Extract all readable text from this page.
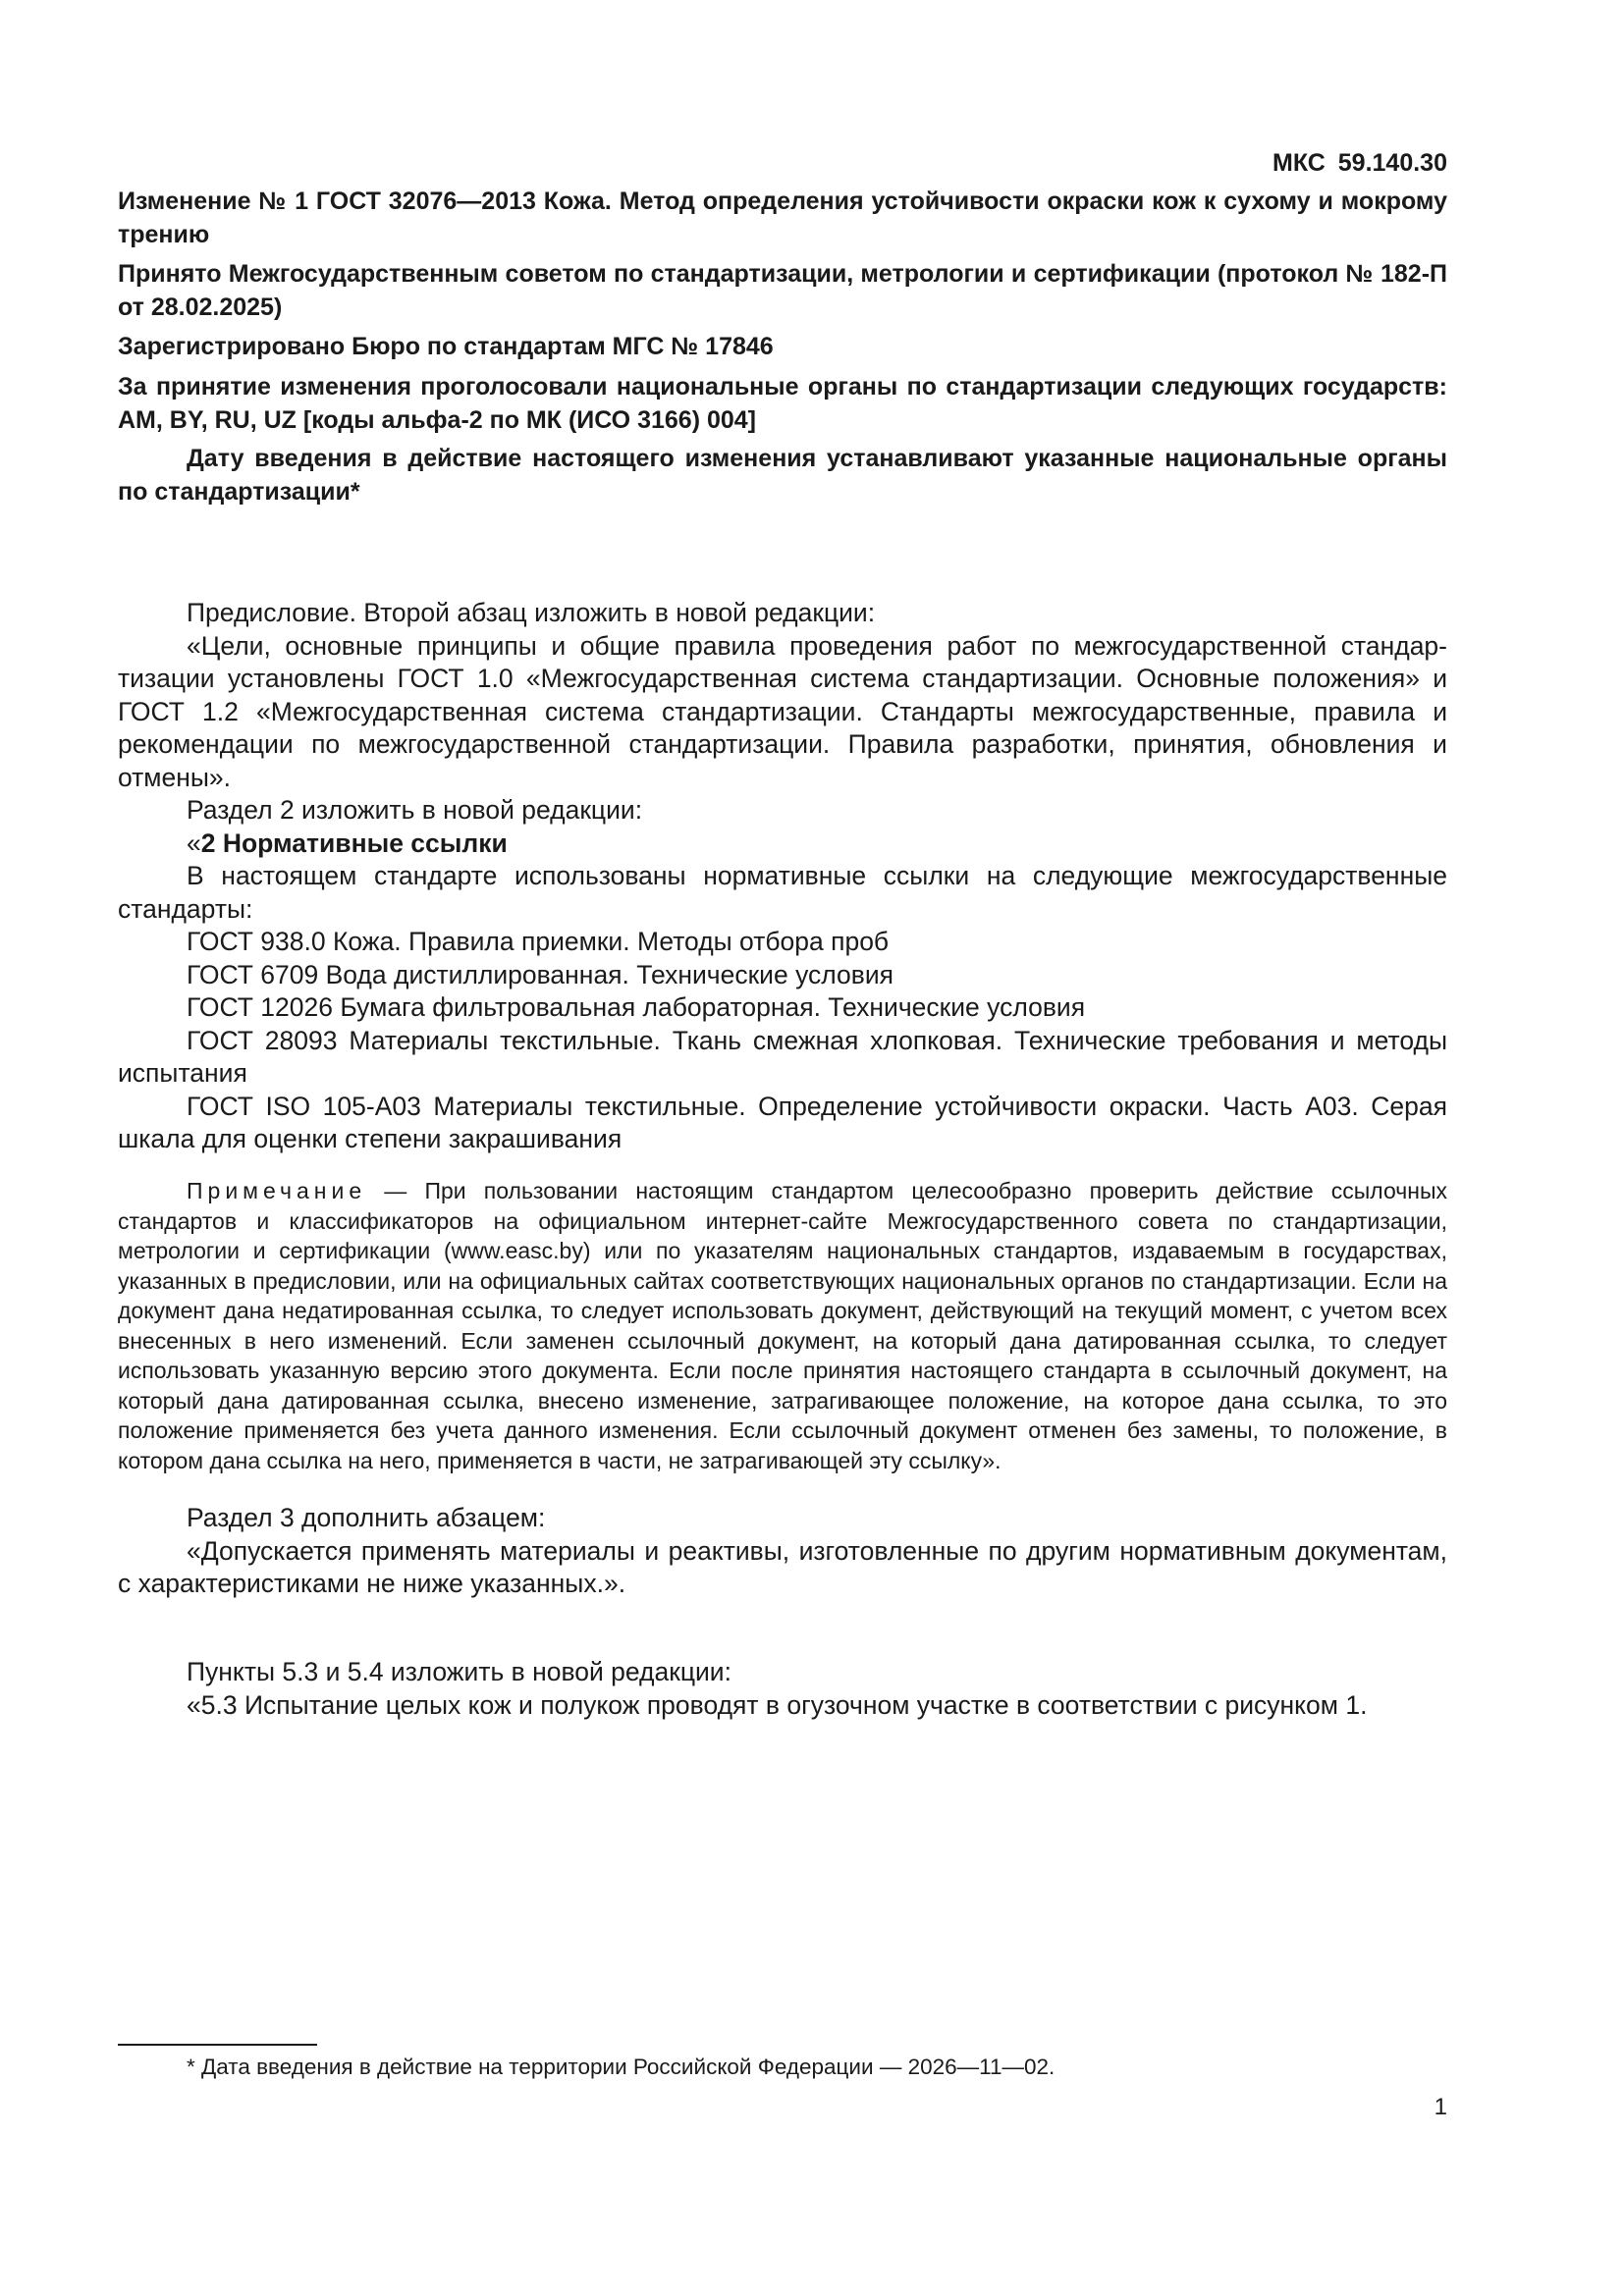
МКС 59.140.30

Изменение № 1 ГОСТ 32076—2013 Кожа. Метод определения устойчивости окраски кож к сухому и мокрому трению

Принято Межгосударственным советом по стандартизации, метрологии и сертификации (протокол № 182-П от 28.02.2025)

Зарегистрировано Бюро по стандартам МГС № 17846

За принятие изменения проголосовали национальные органы по стандартизации следующих государств: AM, BY, RU, UZ [коды альфа-2 по МК (ИСО 3166) 004]

Дату введения в действие настоящего изменения устанавливают указанные национальные органы по стандартизации*

Предисловие. Второй абзац изложить в новой редакции:

«Цели, основные принципы и общие правила проведения работ по межгосударственной стандартизации установлены ГОСТ 1.0 «Межгосударственная система стандартизации. Основные положения» и ГОСТ 1.2 «Межгосударственная система стандартизации. Стандарты межгосударственные, правила и рекомендации по межгосударственной стандартизации. Правила разработки, принятия, обновления и отмены».

Раздел 2 изложить в новой редакции:

«2 Нормативные ссылки

В настоящем стандарте использованы нормативные ссылки на следующие межгосударственные стандарты:

ГОСТ 938.0 Кожа. Правила приемки. Методы отбора проб

ГОСТ 6709 Вода дистиллированная. Технические условия

ГОСТ 12026 Бумага фильтровальная лабораторная. Технические условия

ГОСТ 28093 Материалы текстильные. Ткань смежная хлопковая. Технические требования и методы испытания

ГОСТ ISO 105-A03 Материалы текстильные. Определение устойчивости окраски. Часть А03. Серая шкала для оценки степени закрашивания

Примечание — При пользовании настоящим стандартом целесообразно проверить действие ссылочных стандартов и классификаторов на официальном интернет-сайте Межгосударственного совета по стандартизации, метрологии и сертификации (www.easc.by) или по указателям национальных стандартов, издаваемым в государствах, указанных в предисловии, или на официальных сайтах соответствующих национальных органов по стандартизации. Если на документ дана недатированная ссылка, то следует использовать документ, действующий на текущий момент, с учетом всех внесенных в него изменений. Если заменен ссылочный документ, на который дана датированная ссылка, то следует использовать указанную версию этого документа. Если после принятия настоящего стандарта в ссылочный документ, на который дана датированная ссылка, внесено изменение, затрагивающее положение, на которое дана ссылка, то это положение применяется без учета данного изменения. Если ссылочный документ отменен без замены, то положение, в котором дана ссылка на него, применяется в части, не затрагивающей эту ссылку».

Раздел 3 дополнить абзацем:

«Допускается применять материалы и реактивы, изготовленные по другим нормативным документам, с характеристиками не ниже указанных.».

Пункты 5.3 и 5.4 изложить в новой редакции:

«5.3 Испытание целых кож и полукож проводят в огузочном участке в соответствии с рисунком 1.

* Дата введения в действие на территории Российской Федерации — 2026—11—02.
1
